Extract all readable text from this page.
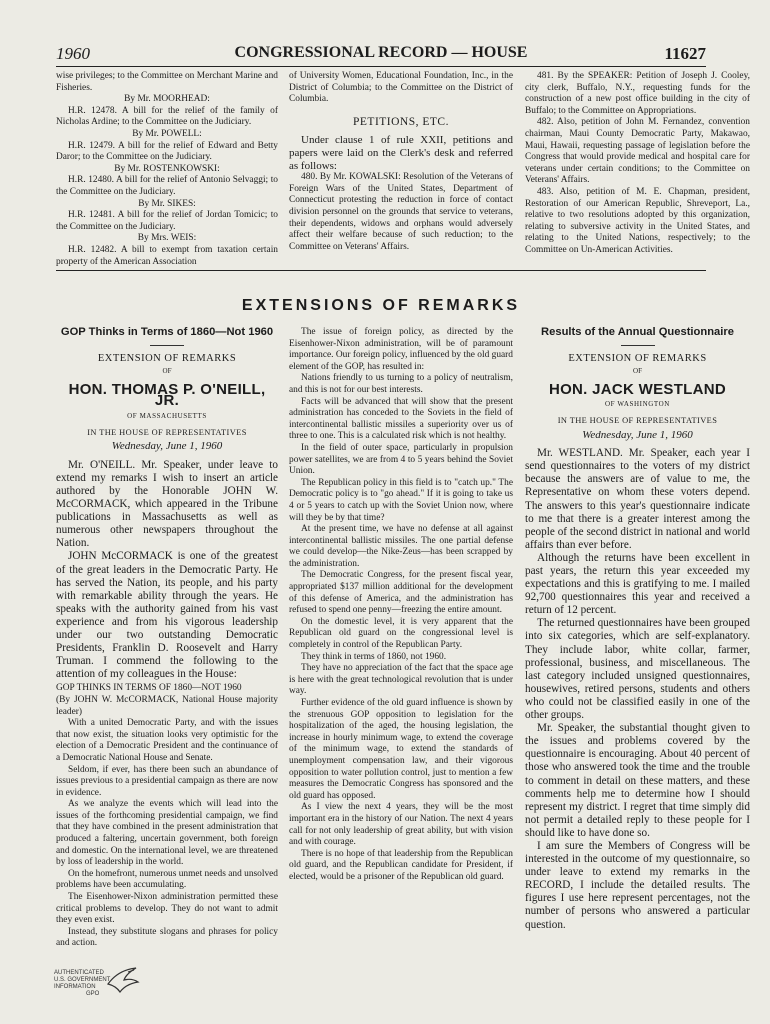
1960	CONGRESSIONAL RECORD — HOUSE	11627

wise privileges; to the Committee on Merchant Marine and Fisheries.

By Mr. MOORHEAD:

H.R. 12478. A bill for the relief of the family of Nicholas Ardine; to the Committee on the Judiciary.

By Mr. POWELL:

H.R. 12479. A bill for the relief of Edward and Betty Daror; to the Committee on the Judiciary.

By Mr. ROSTENKOWSKI:

H.R. 12480. A bill for the relief of Antonio Selvaggi; to the Committee on the Judiciary.

By Mr. SIKES:

H.R. 12481. A bill for the relief of Jordan Tomicic; to the Committee on the Judiciary.

By Mrs. WEIS:

H.R. 12482. A bill to exempt from taxation certain property of the American Association

of University Women, Educational Foundation, Inc., in the District of Columbia; to the Committee on the District of Columbia.

PETITIONS, ETC.

Under clause 1 of rule XXII, petitions and papers were laid on the Clerk's desk and referred as follows:

480. By Mr. KOWALSKI: Resolution of the Veterans of Foreign Wars of the United States, Department of Connecticut protesting the reduction in force of contact division personnel on the grounds that service to veterans, their dependents, widows and orphans would adversely affect their welfare because of such reduction; to the Committee on Veterans' Affairs.

481. By the SPEAKER: Petition of Joseph J. Cooley, city clerk, Buffalo, N.Y., requesting funds for the construction of a new post office building in the city of Buffalo; to the Committee on Appropriations.

482. Also, petition of John M. Fernandez, convention chairman, Maui County Democratic Party, Makawao, Maui, Hawaii, requesting passage of legislation before the Congress that would provide medical and hospital care for veterans under certain conditions; to the Committee on Veterans' Affairs.

483. Also, petition of M. E. Chapman, president, Restoration of our American Republic, Shreveport, La., relative to two resolutions adopted by this organization, relating to subversive activity in the United States, and relating to the United Nations, respectively; to the Committee on Un-American Activities.

EXTENSIONS OF REMARKS
GOP Thinks in Terms of 1860—Not 1960
EXTENSION OF REMARKS
OF
HON. THOMAS P. O'NEILL, JR.
OF MASSACHUSETTS
IN THE HOUSE OF REPRESENTATIVES
Wednesday, June 1, 1960

Mr. O'NEILL. Mr. Speaker, under leave to extend my remarks I wish to insert an article authored by the Honorable JOHN W. McCORMACK, which appeared in the Tribune publications in Massachusetts as well as numerous other newspapers throughout the Nation.

JOHN McCORMACK is one of the greatest of the great leaders in the Democratic Party. He has served the Nation, its people, and his party with remarkable ability through the years. He speaks with the authority gained from his vast experience and from his vigorous leadership under our two outstanding Democratic Presidents, Franklin D. Roosevelt and Harry Truman. I commend the following to the attention of my colleagues in the House:

GOP THINKS IN TERMS OF 1860—NOT 1960

(By JOHN W. McCORMACK, National House majority leader)

With a united Democratic Party, and with the issues that now exist, the situation looks very optimistic for the election of a Democratic President and the continuance of a Democratic National House and Senate.

Seldom, if ever, has there been such an abundance of issues previous to a presidential campaign as there are now in evidence.

As we analyze the events which will lead into the issues of the forthcoming presidential campaign, we find that they have combined in the present administration that produced a faltering, uncertain government, both foreign and domestic. On the international level, we are threatened by loss of leadership in the world.

On the homefront, numerous unmet needs and unsolved problems have been accumulating.

The Eisenhower-Nixon administration permitted these critical problems to develop. They do not want to admit they even exist.

Instead, they substitute slogans and phrases for policy and action.

The issue of foreign policy, as directed by the Eisenhower-Nixon administration, will be of paramount importance. Our foreign policy, influenced by the old guard element of the GOP, has resulted in:

Nations friendly to us turning to a policy of neutralism, and this is not for our best interests.

Facts will be advanced that will show that the present administration has conceded to the Soviets in the field of intercontinental ballistic missiles a superiority over us of three to one. This is a calculated risk which is not healthy.

In the field of outer space, particularly in propulsion power satellites, we are from 4 to 5 years behind the Soviet Union.

The Republican policy in this field is to "catch up." The Democratic policy is to "go ahead." If it is going to take us 4 or 5 years to catch up with the Soviet Union now, where will they be by that time?

At the present time, we have no defense at all against intercontinental ballistic missiles. The one partial defense we could develop—the Nike-Zeus—has been scrapped by the administration.

The Democratic Congress, for the present fiscal year, appropriated $137 million additional for the development of this defense of America, and the administration has refused to spend one penny—freezing the entire amount.

On the domestic level, it is very apparent that the Republican old guard on the congressional level is completely in control of the Republican Party.

They think in terms of 1860, not 1960.

They have no appreciation of the fact that the space age is here with the great technological revolution that is under way.

Further evidence of the old guard influence is shown by the strenuous GOP opposition to legislation for the hospitalization of the aged, the housing legislation, the increase in hourly minimum wage, to extend the coverage of the minimum wage, to extend the standards of unemployment compensation law, and their vigorous opposition to water pollution control, just to mention a few measures the Democratic Congress has sponsored and the old guard has opposed.

As I view the next 4 years, they will be the most important era in the history of our Nation. The next 4 years call for not only leadership of great ability, but with vision and with courage.

There is no hope of that leadership from the Republican old guard, and the Republican candidate for President, if elected, would be a prisoner of the Republican old guard.

Results of the Annual Questionnaire
EXTENSION OF REMARKS
OF
HON. JACK WESTLAND
OF WASHINGTON
IN THE HOUSE OF REPRESENTATIVES
Wednesday, June 1, 1960

Mr. WESTLAND. Mr. Speaker, each year I send questionnaires to the voters of my district because the answers are of value to me, the Representative on whom these voters depend. The answers to this year's questionnaire indicate to me that there is a greater interest among the people of the second district in national and world affairs than ever before.

Although the returns have been excellent in past years, the return this year exceeded my expectations and this is gratifying to me. I mailed 92,700 questionnaires this year and received a return of 12 percent.

The returned questionnaires have been grouped into six categories, which are self-explanatory. They include labor, white collar, farmer, professional, business, and miscellaneous. The last category included unsigned questionnaires, housewives, retired persons, students and others who could not be classified easily in one of the other groups.

Mr. Speaker, the substantial thought given to the issues and problems covered by the questionnaire is encouraging. About 40 percent of those who answered took the time and the trouble to comment in detail on these matters, and these comments help me to determine how I should represent my district. I regret that time simply did not permit a detailed reply to these people for I should like to have done so.

I am sure the Members of Congress will be interested in the outcome of my questionnaire, so under leave to extend my remarks in the RECORD, I include the detailed results. The figures I use here represent percentages, not the number of persons who answered a particular question.

AUTHENTICATED
U.S. GOVERNMENT
INFORMATION
GPO
